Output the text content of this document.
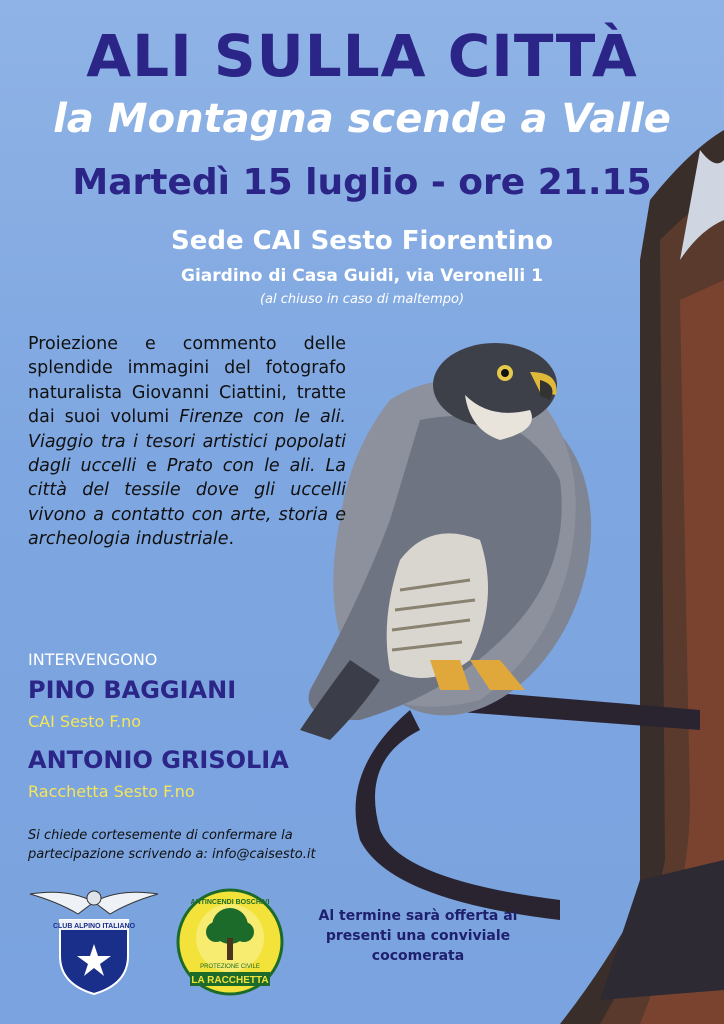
ALI SULLA CITTÀ
la Montagna scende a Valle
Martedì 15 luglio - ore 21.15
Sede CAI Sesto Fiorentino
Giardino di Casa Guidi, via Veronelli 1
(al chiuso in caso di maltempo)
Proiezione e commento delle splendide immagini del fotografo naturalista Giovanni Ciattini, tratte dai suoi volumi Firenze con le ali. Viaggio tra i tesori artistici popolati dagli uccelli e Prato con le ali. La città del tessile dove gli uccelli vivono a contatto con arte, storia e archeologia industriale.
INTERVENGONO
PINO BAGGIANI
CAI Sesto F.no
ANTONIO GRISOLIA
Racchetta Sesto F.no
Si chiede cortesemente di confermare la partecipazione scrivendo a: info@caisesto.it
CLUB ALPINO ITALIANO
ANTINCENDI BOSCHIVI
PROTEZIONE CIVILE
LA RACCHETTA
Al termine sarà offerta ai presenti una conviviale cocomerata
